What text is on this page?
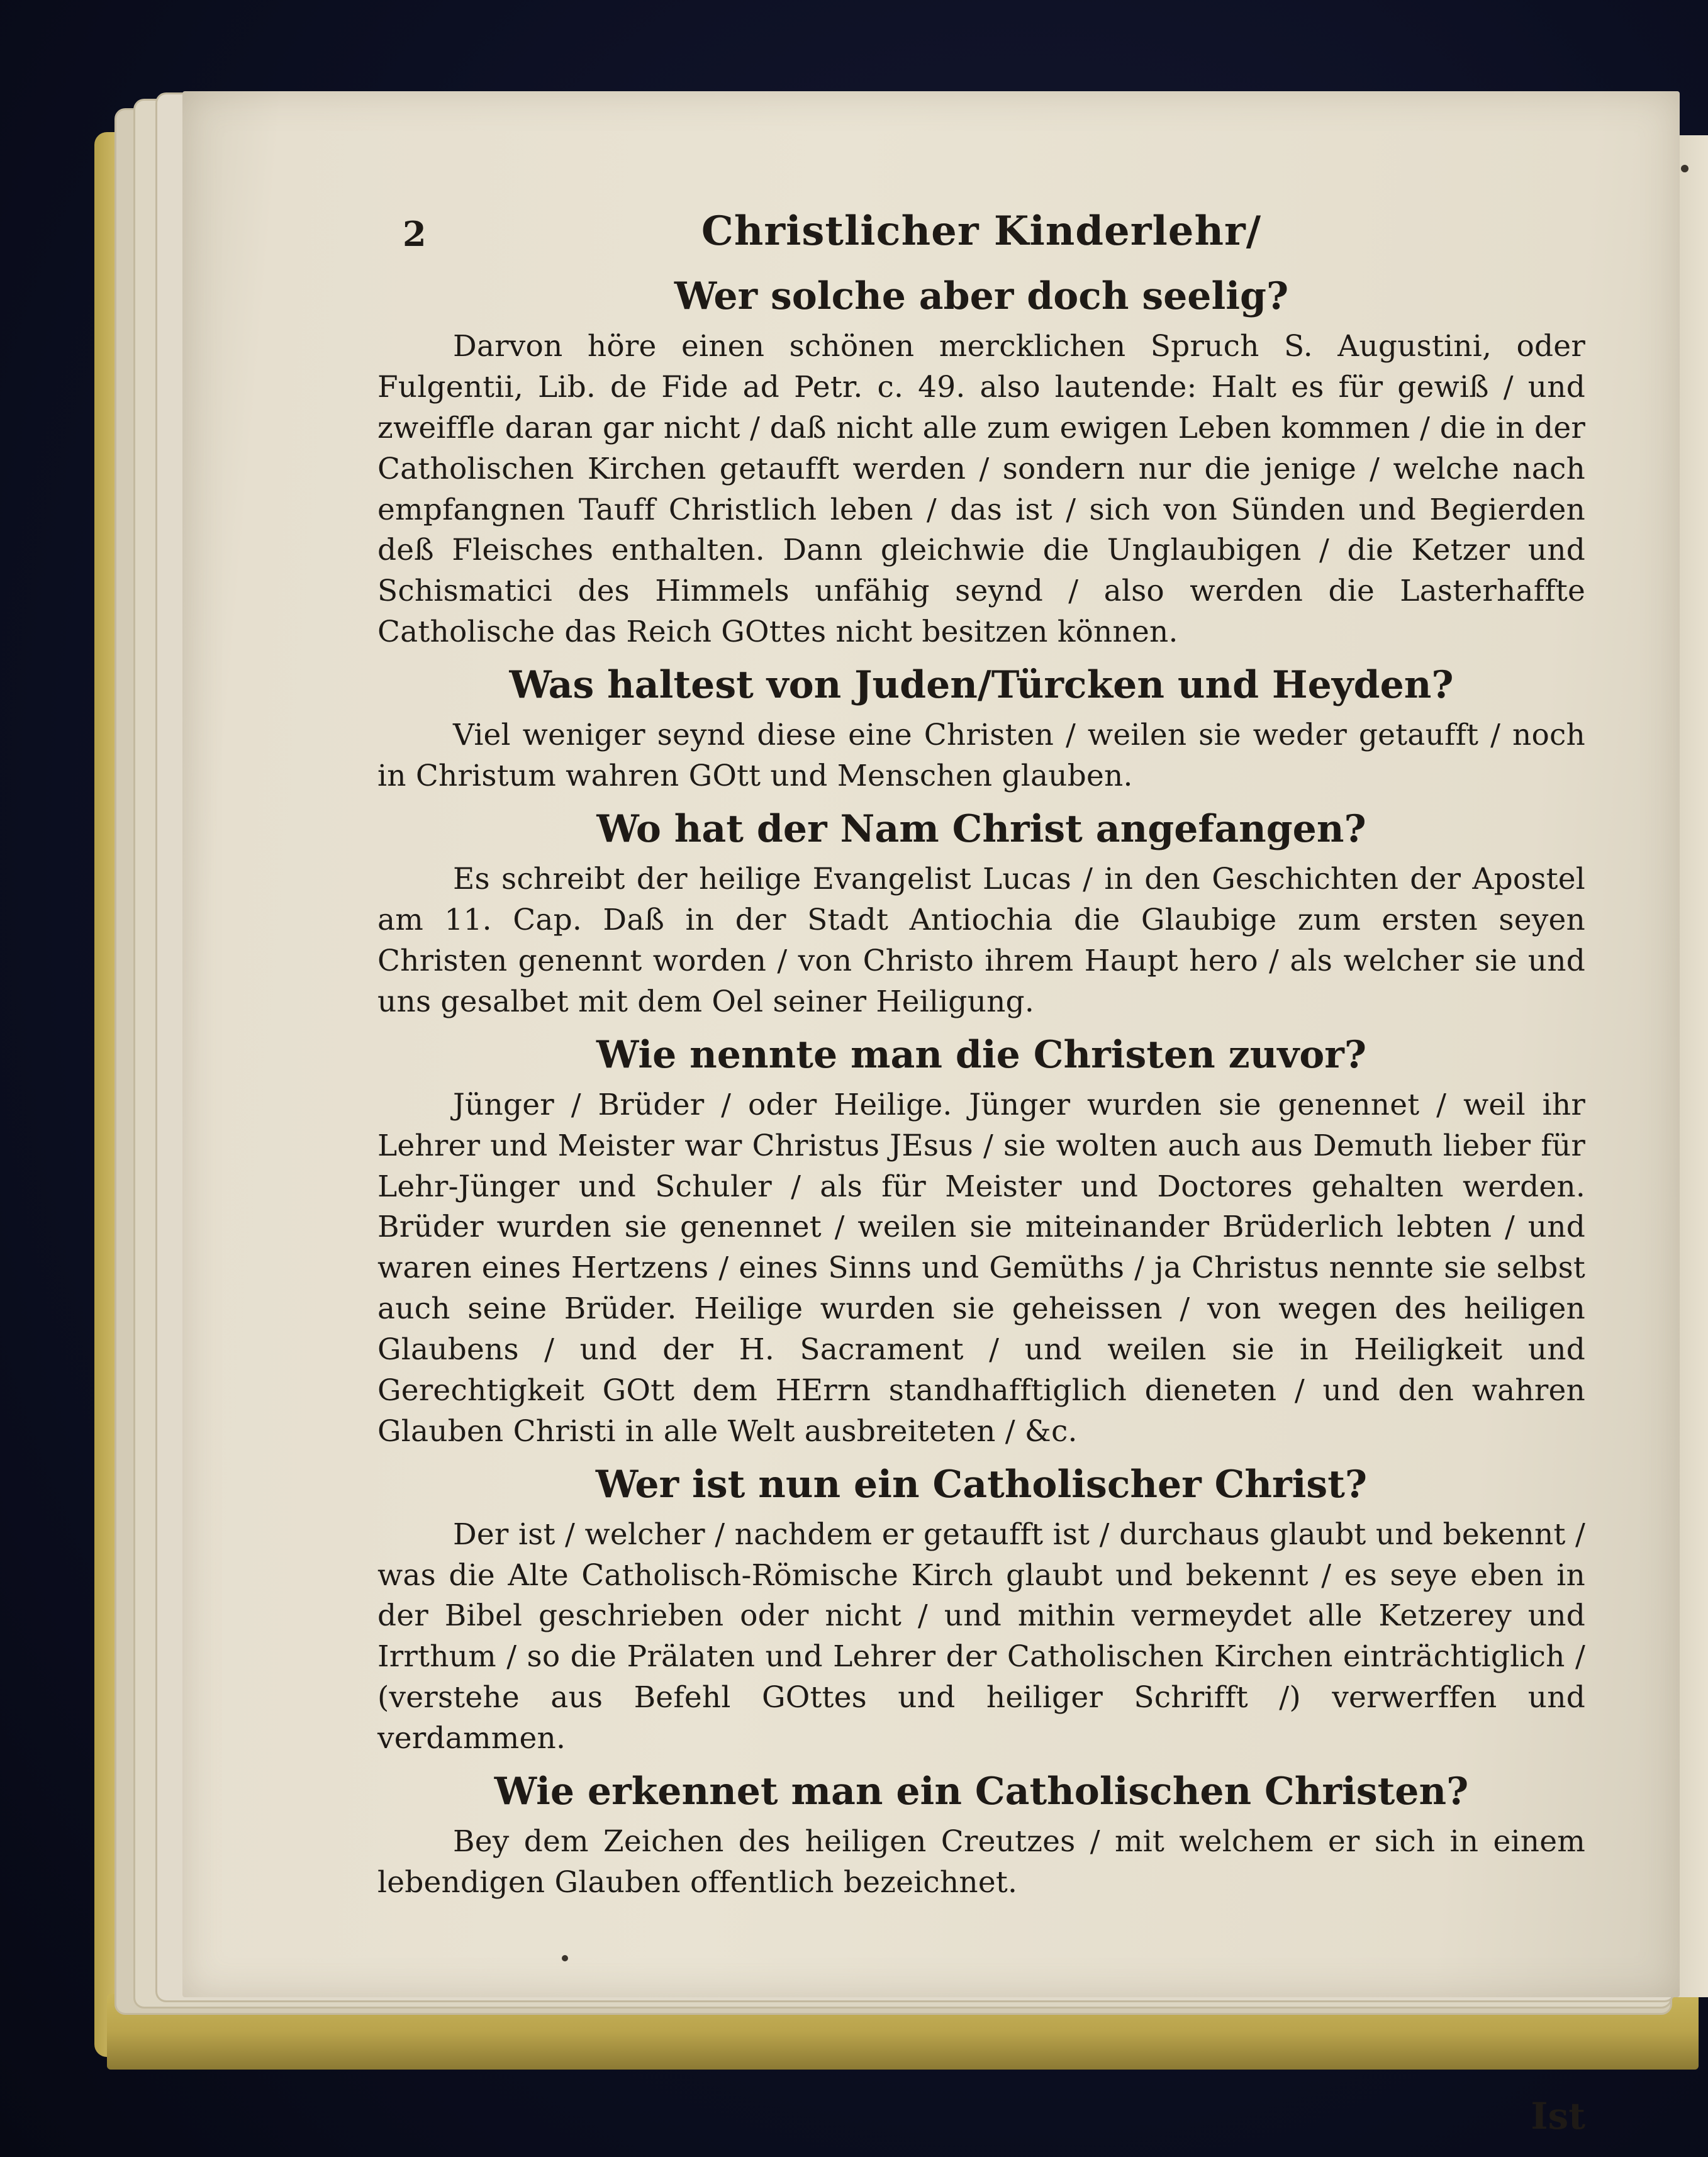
2	Christlicher Kinderlehr/
Wer solche aber doch seelig?

Darvon höre einen schönen mercklichen Spruch S. Augustini, oder Fulgentii, Lib. de Fide ad Petr. c. 49. also lautende: Halt es für gewiß / und zweiffle daran gar nicht / daß nicht alle zum ewigen Leben kommen / die in der Catholischen Kirchen getaufft werden / sondern nur die jenige / welche nach empfangnen Tauff Christlich leben / das ist / sich von Sünden und Begierden deß Fleisches enthalten. Dann gleichwie die Unglaubigen / die Ketzer und Schismatici des Himmels unfähig seynd / also werden die Lasterhaffte Catholische das Reich GOttes nicht besitzen können.

Was haltest von Juden/Türcken und Heyden?

Viel weniger seynd diese eine Christen / weilen sie weder getaufft / noch in Christum wahren GOtt und Menschen glauben.

Wo hat der Nam Christ angefangen?

Es schreibt der heilige Evangelist Lucas / in den Geschichten der Apostel am 11. Cap. Daß in der Stadt Antiochia die Glaubige zum ersten seyen Christen genennt worden / von Christo ihrem Haupt hero / als welcher sie und uns gesalbet mit dem Oel seiner Heiligung.

Wie nennte man die Christen zuvor?

Jünger / Brüder / oder Heilige. Jünger wurden sie genennet / weil ihr Lehrer und Meister war Christus JEsus / sie wolten auch aus Demuth lieber für Lehr-Jünger und Schuler / als für Meister und Doctores gehalten werden. Brüder wurden sie genennet / weilen sie miteinander Brüderlich lebten / und waren eines Hertzens / eines Sinns und Gemüths / ja Christus nennte sie selbst auch seine Brüder. Heilige wurden sie geheissen / von wegen des heiligen Glaubens / und der H. Sacrament / und weilen sie in Heiligkeit und Gerechtigkeit GOtt dem HErrn standhafftiglich dieneten / und den wahren Glauben Christi in alle Welt ausbreiteten / &c.

Wer ist nun ein Catholischer Christ?

Der ist / welcher / nachdem er getaufft ist / durchaus glaubt und bekennt / was die Alte Catholisch-Römische Kirch glaubt und bekennt / es seye eben in der Bibel geschrieben oder nicht / und mithin vermeydet alle Ketzerey und Irrthum / so die Prälaten und Lehrer der Catholischen Kirchen einträchtiglich / (verstehe aus Befehl GOttes und heiliger Schrifft /) verwerffen und verdammen.

Wie erkennet man ein Catholischen Christen?

Bey dem Zeichen des heiligen Creutzes / mit welchem er sich in einem lebendigen Glauben offentlich bezeichnet.

Ist
